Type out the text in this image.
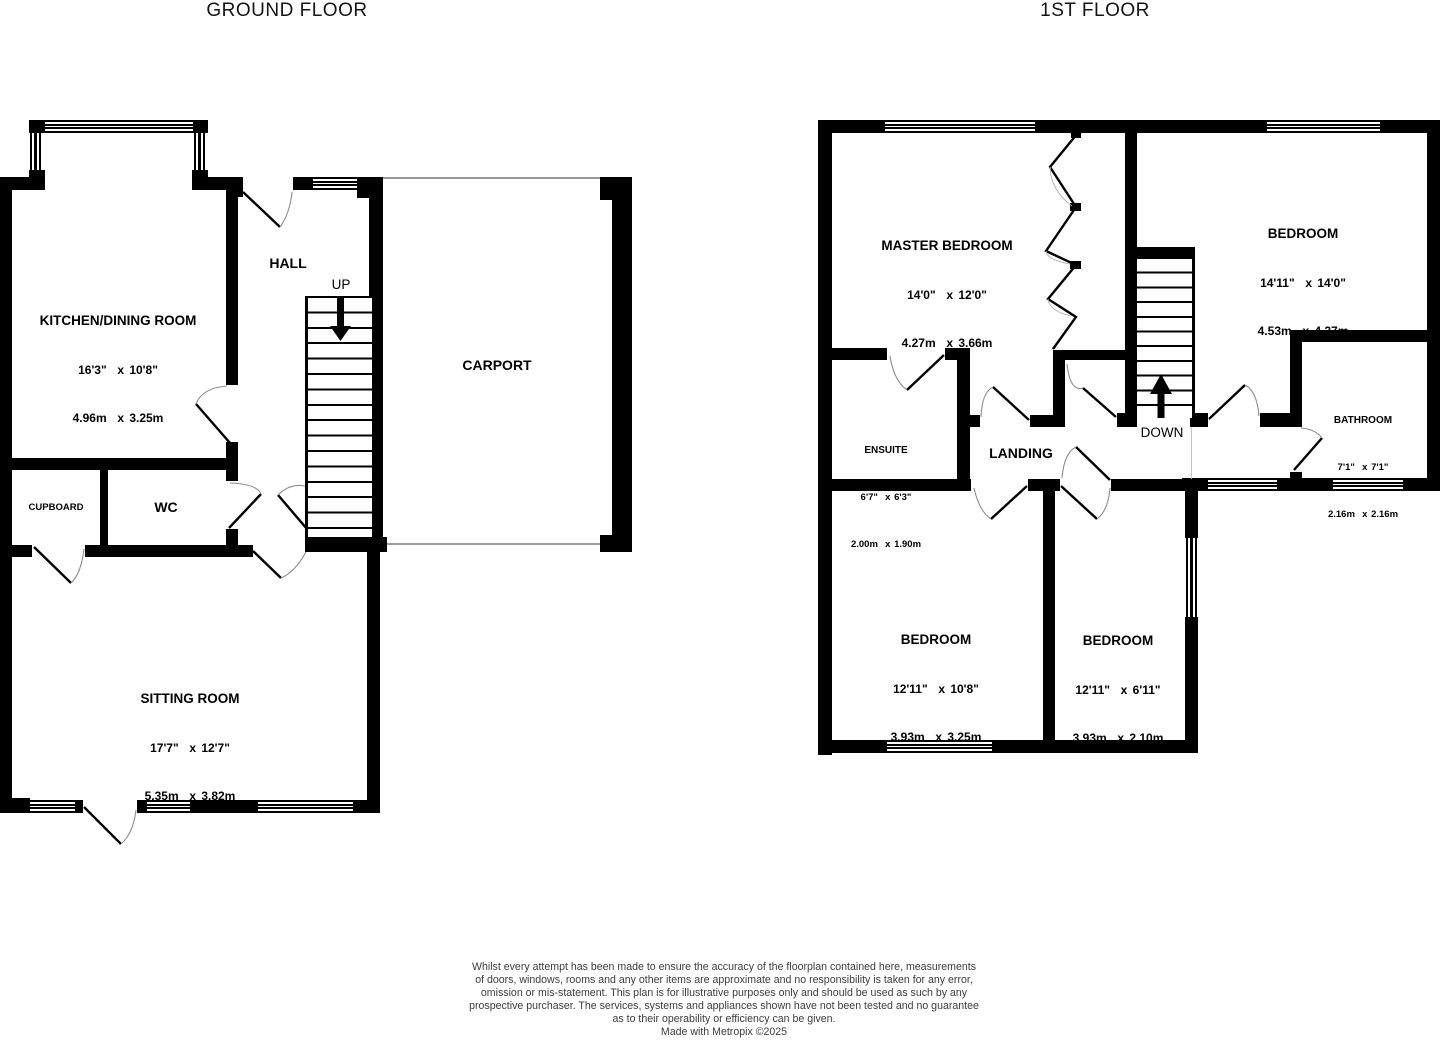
GROUND FLOOR	1ST FLOOR

KITCHEN/DINING ROOM

16'3"  x 10'8"

4.96m  x 3.25m

HALL
UP
CARPORT
CUPBOARD	WC

SITTING ROOM

17'7"  x 12'7"

5.35m  x 3.82m

MASTER BEDROOM

14'0"  x 12'0"

4.27m  x 3.66m

BEDROOM

14'11"  x 14'0"

4.53m  x 4.27m

ENSUITE

6'7"  x 6'3"

2.00m  x 1.90m

BATHROOM

7'1"  x 7'1"

2.16m  x 2.16m

LANDING
DOWN

BEDROOM

12'11"  x 10'8"

3.93m  x 3.25m

BEDROOM

12'11"  x 6'11"

3.93m  x 2.10m

Whilst every attempt has been made to ensure the accuracy of the floorplan contained here, measurements
of doors, windows, rooms and any other items are approximate and no responsibility is taken for any error,
omission or mis-statement. This plan is for illustrative purposes only and should be used as such by any
prospective purchaser. The services, systems and appliances shown have not been tested and no guarantee
as to their operability or efficiency can be given.
Made with Metropix ©2025
